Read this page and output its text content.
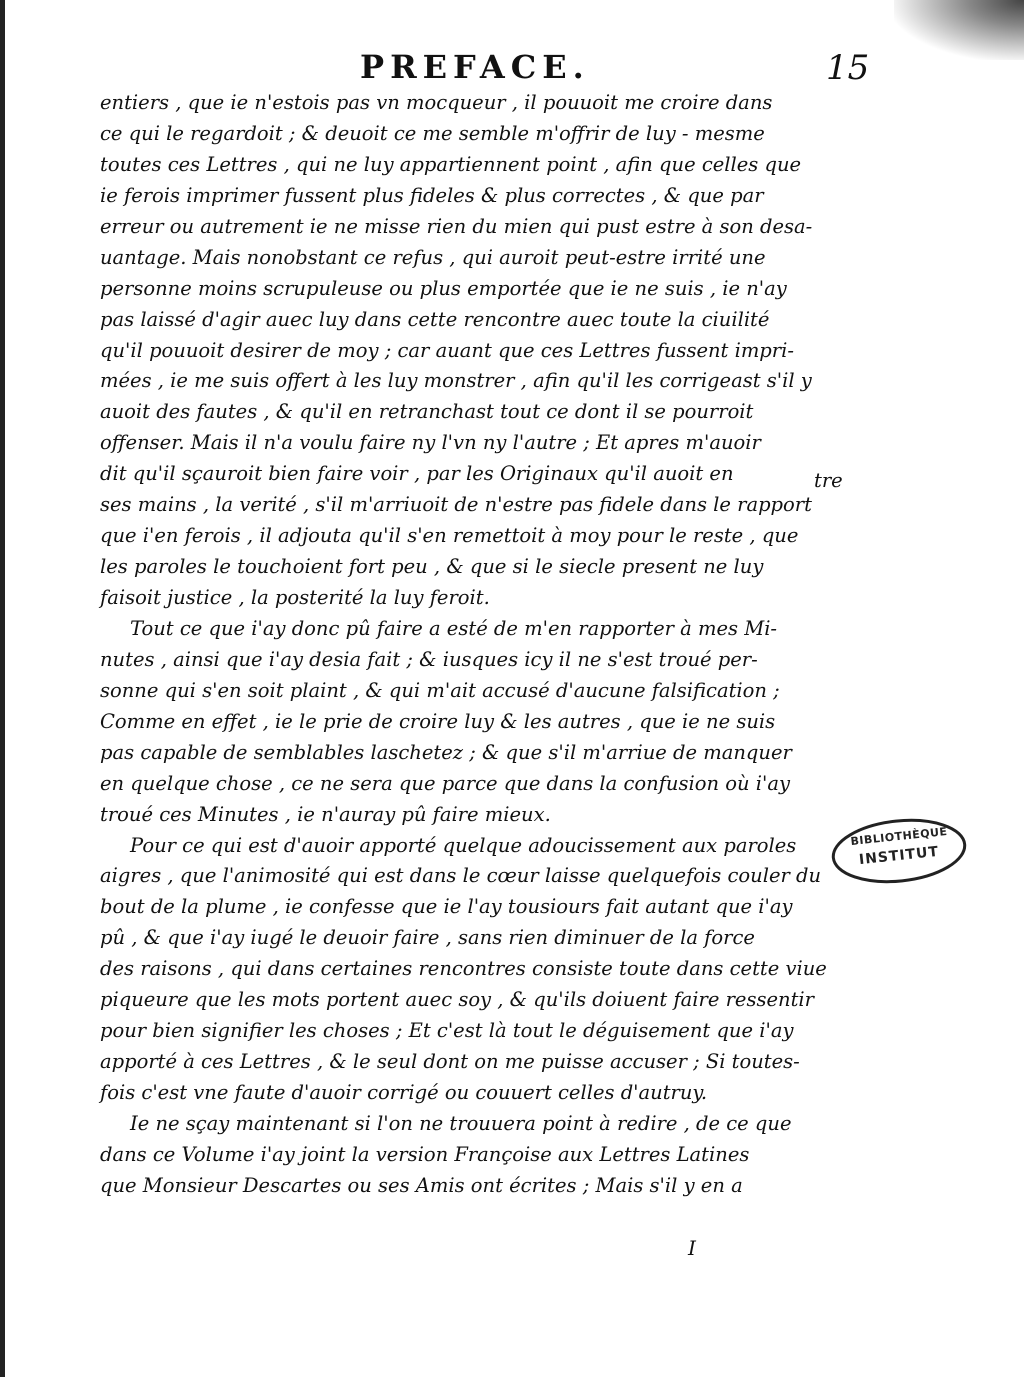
PREFACE.	15
entiers , que ie n'estois pas vn mocqueur , il pouuoit me croire dans
ce qui le regardoit ; & deuoit ce me semble m'offrir de luy - mesme
toutes ces Lettres , qui ne luy appartiennent point , afin que celles que
ie ferois imprimer fussent plus fideles & plus correctes , & que par
erreur ou autrement ie ne misse rien du mien qui pust estre à son desa-
uantage. Mais nonobstant ce refus , qui auroit peut-estre irrité une
personne moins scrupuleuse ou plus emportée que ie ne suis , ie n'ay
pas laissé d'agir auec luy dans cette rencontre auec toute la ciuilité
qu'il pouuoit desirer de moy ; car auant que ces Lettres fussent impri-
mées , ie me suis offert à les luy monstrer , afin qu'il les corrigeast s'il y
auoit des fautes , & qu'il en retranchast tout ce dont il se pourroit
offenser. Mais il n'a voulu faire ny l'vn ny l'autre ; Et apres m'auoir
dit qu'il sçauroit bien faire voir , par les Originaux qu'il auoit en
ses mains , la verité , s'il m'arriuoit de n'estre pas fidele dans le rapport
que i'en ferois , il adjouta qu'il s'en remettoit à moy pour le reste , que
les paroles le touchoient fort peu , & que si le siecle present ne luy
faisoit justice , la posterité la luy feroit.
Tout ce que i'ay donc pû faire a esté de m'en rapporter à mes Mi-
nutes , ainsi que i'ay desia fait ; & iusques icy il ne s'est troué per-
sonne qui s'en soit plaint , & qui m'ait accusé d'aucune falsification ;
Comme en effet , ie le prie de croire luy & les autres , que ie ne suis
pas capable de semblables laschetez ; & que s'il m'arriue de manquer
en quelque chose , ce ne sera que parce que dans la confusion où i'ay
troué ces Minutes , ie n'auray pû faire mieux.
Pour ce qui est d'auoir apporté quelque adoucissement aux paroles
aigres , que l'animosité qui est dans le cœur laisse quelquefois couler du
bout de la plume , ie confesse que ie l'ay tousiours fait autant que i'ay
pû , & que i'ay iugé le deuoir faire , sans rien diminuer de la force
des raisons , qui dans certaines rencontres consiste toute dans cette viue
piqueure que les mots portent auec soy , & qu'ils doiuent faire ressentir
pour bien signifier les choses ; Et c'est là tout le déguisement que i'ay
apporté à ces Lettres , & le seul dont on me puisse accuser ; Si toutes-
fois c'est vne faute d'auoir corrigé ou couuert celles d'autruy.
Ie ne sçay maintenant si l'on ne trouuera point à redire , de ce que
dans ce Volume i'ay joint la version Françoise aux Lettres Latines
que Monsieur Descartes ou ses Amis ont écrites ; Mais s'il y en a
tre
BIBLIOTHÈQUE
INSTITUT
I
